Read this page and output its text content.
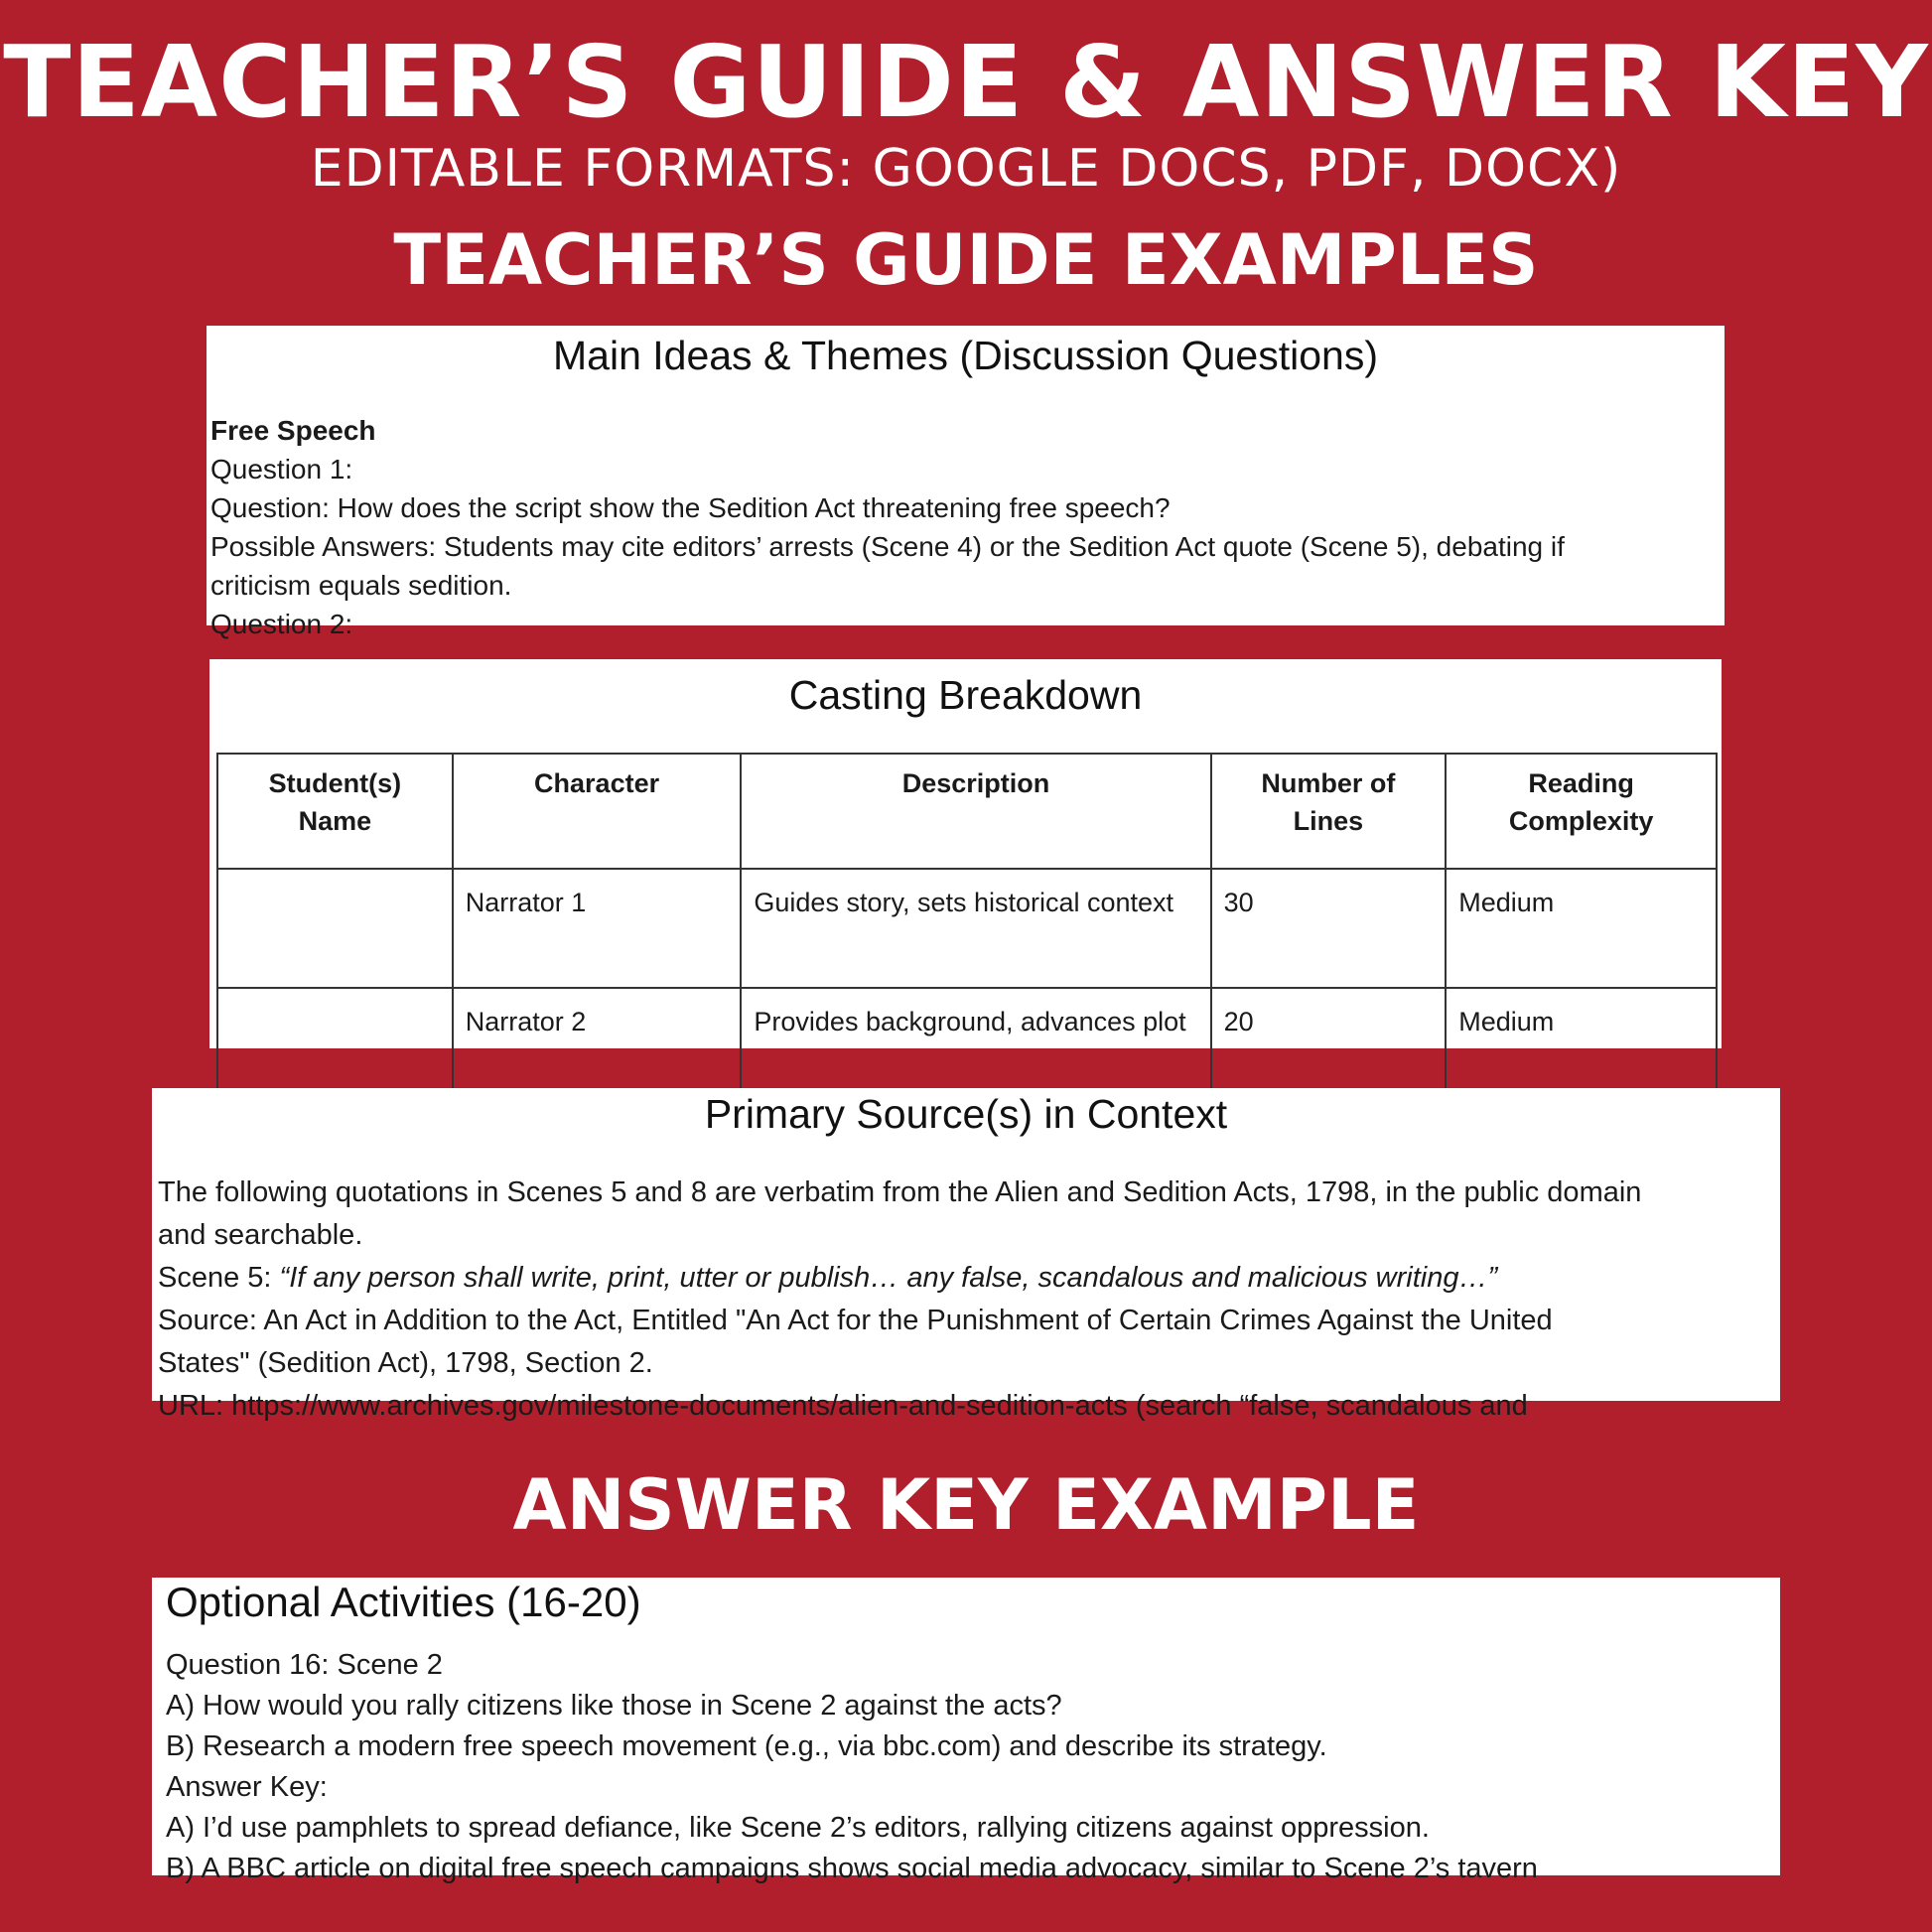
TEACHER’S GUIDE & ANSWER KEY
EDITABLE FORMATS: GOOGLE DOCS, PDF, DOCX)
TEACHER’S GUIDE EXAMPLES
Main Ideas & Themes (Discussion Questions)
Free Speech
Question 1:
Question: How does the script show the Sedition Act threatening free speech?
Possible Answers: Students may cite editors’ arrests (Scene 4) or the Sedition Act quote (Scene 5), debating if
criticism equals sedition.
Question 2:
Casting Breakdown
Student(s) Name	Character	Description	Number of Lines	Reading Complexity
	Narrator 1	Guides story, sets historical context	30	Medium
	Narrator 2	Provides background, advances plot	20	Medium
Primary Source(s) in Context
The following quotations in Scenes 5 and 8 are verbatim from the Alien and Sedition Acts, 1798, in the public domain
and searchable.
Scene 5: “If any person shall write, print, utter or publish… any false, scandalous and malicious writing…”
Source: An Act in Addition to the Act, Entitled "An Act for the Punishment of Certain Crimes Against the United
States" (Sedition Act), 1798, Section 2.
URL: https://www.archives.gov/milestone-documents/alien-and-sedition-acts (search “false, scandalous and
ANSWER KEY EXAMPLE
Optional Activities (16-20)
Question 16: Scene 2
A) How would you rally citizens like those in Scene 2 against the acts?
B) Research a modern free speech movement (e.g., via bbc.com) and describe its strategy.
Answer Key:
A) I’d use pamphlets to spread defiance, like Scene 2’s editors, rallying citizens against oppression.
B) A BBC article on digital free speech campaigns shows social media advocacy, similar to Scene 2’s tavern
